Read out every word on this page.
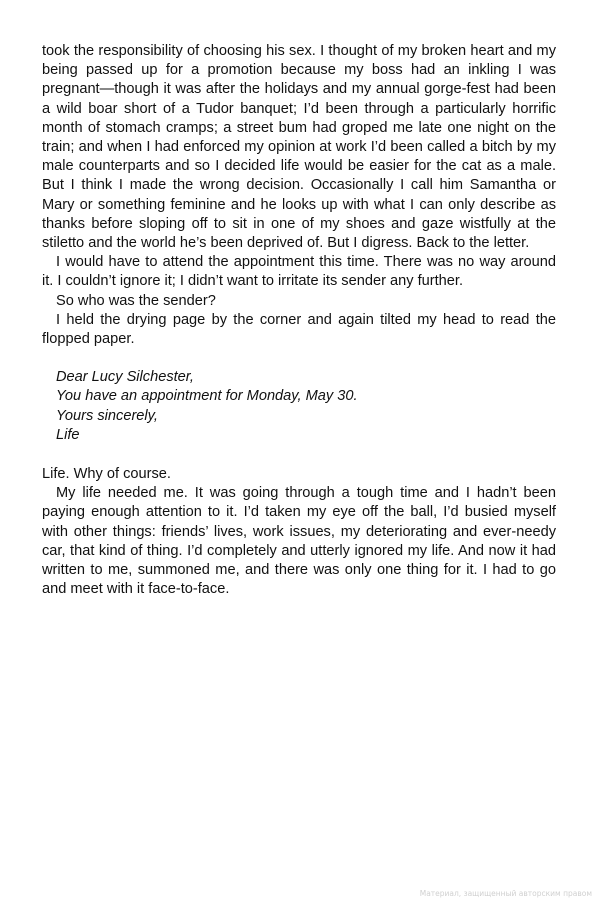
took the responsibility of choosing his sex. I thought of my broken heart and my being passed up for a promotion because my boss had an inkling I was pregnant—though it was after the holidays and my annual gorge-fest had been a wild boar short of a Tudor banquet; I’d been through a particularly horrific month of stomach cramps; a street bum had groped me late one night on the train; and when I had enforced my opinion at work I’d been called a bitch by my male counterparts and so I decided life would be easier for the cat as a male. But I think I made the wrong decision. Occasionally I call him Samantha or Mary or something feminine and he looks up with what I can only describe as thanks before sloping off to sit in one of my shoes and gaze wistfully at the stiletto and the world he’s been deprived of. But I digress. Back to the letter.

I would have to attend the appointment this time. There was no way around it. I couldn’t ignore it; I didn’t want to irritate its sender any further.

So who was the sender?

I held the drying page by the corner and again tilted my head to read the flopped paper.

Dear Lucy Silchester,
You have an appointment for Monday, May 30.
Yours sincerely,
Life

Life. Why of course.

My life needed me. It was going through a tough time and I hadn’t been paying enough attention to it. I’d taken my eye off the ball, I’d busied myself with other things: friends’ lives, work issues, my deteriorating and ever-needy car, that kind of thing. I’d completely and utterly ignored my life. And now it had written to me, summoned me, and there was only one thing for it. I had to go and meet with it face-to-face.

Материал, защищенный авторским правом
